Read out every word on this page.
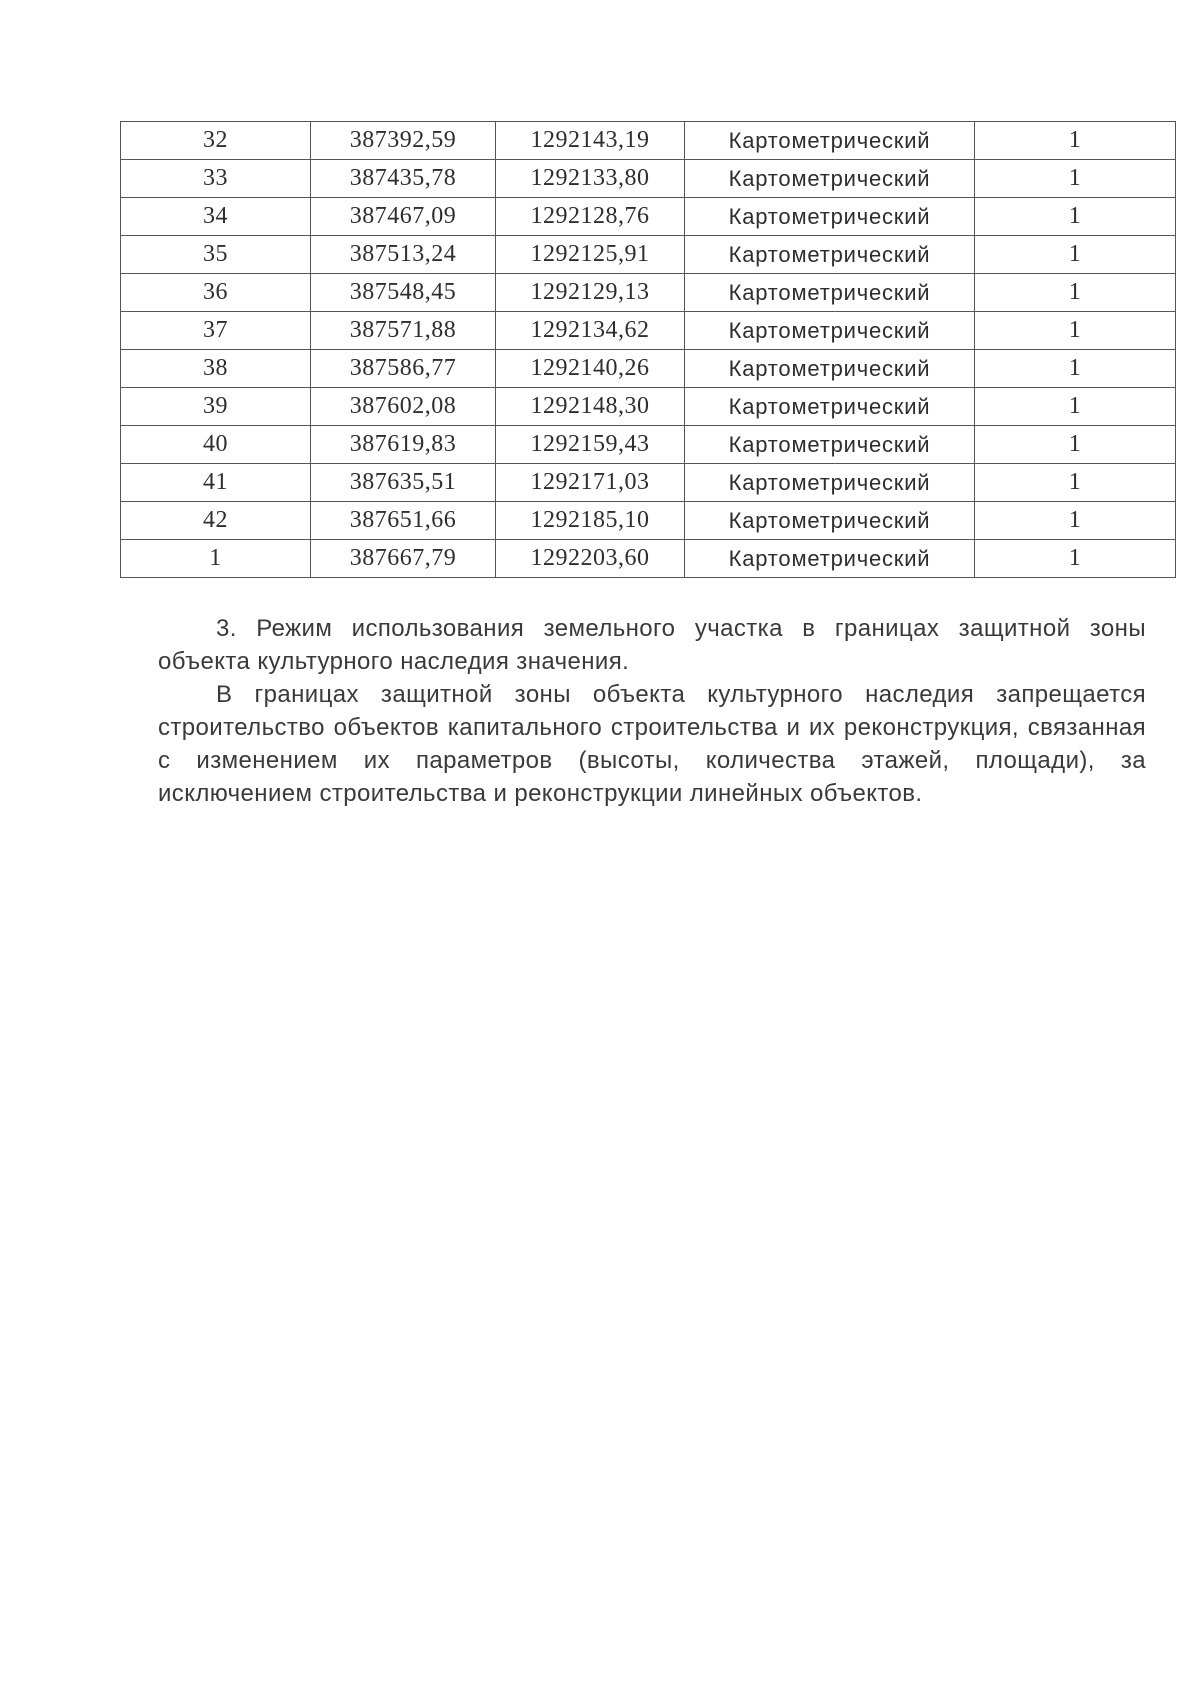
32	387392,59	1292143,19	Картометрический	1
33	387435,78	1292133,80	Картометрический	1
34	387467,09	1292128,76	Картометрический	1
35	387513,24	1292125,91	Картометрический	1
36	387548,45	1292129,13	Картометрический	1
37	387571,88	1292134,62	Картометрический	1
38	387586,77	1292140,26	Картометрический	1
39	387602,08	1292148,30	Картометрический	1
40	387619,83	1292159,43	Картометрический	1
41	387635,51	1292171,03	Картометрический	1
42	387651,66	1292185,10	Картометрический	1
1	387667,79	1292203,60	Картометрический	1

3. Режим использования земельного участка в границах защитной зоны объекта культурного наследия значения.

В границах защитной зоны объекта культурного наследия запрещается строительство объектов капитального строительства и их реконструкция, связанная с изменением их параметров (высоты, количества этажей, площади), за исключением строительства и реконструкции линейных объектов.
